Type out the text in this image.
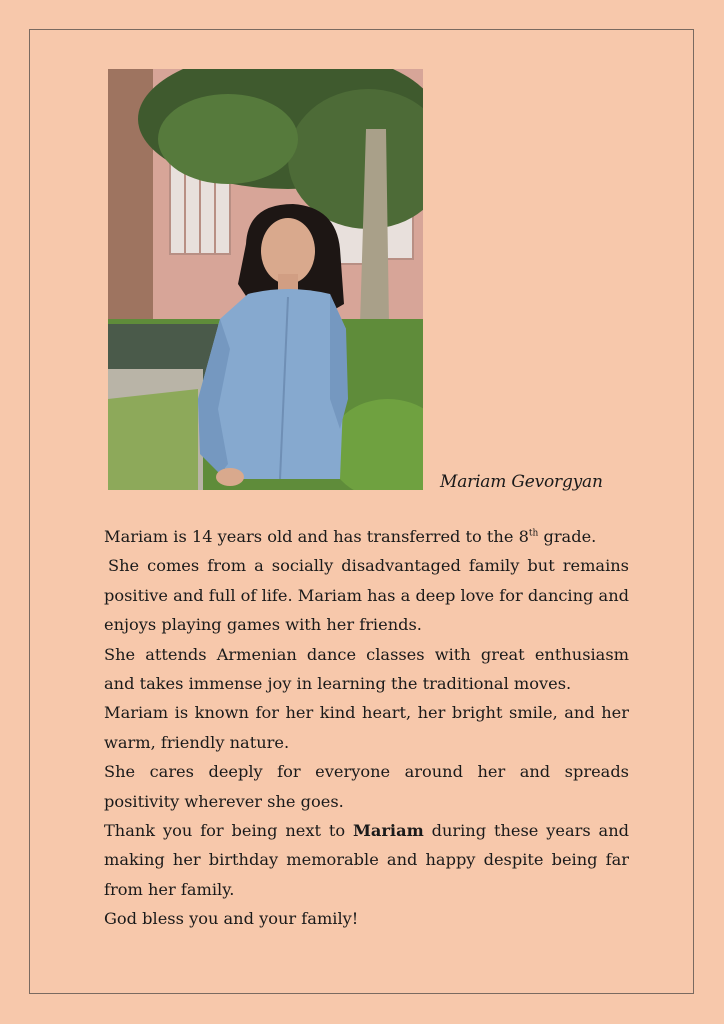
Mariam Gevorgyan

Mariam is 14 years old and has transferred to the 8th grade.

She comes from a socially disadvantaged family but remains positive and full of life. Mariam has a deep love for dancing and enjoys playing games with her friends.

She attends Armenian dance classes with great enthusiasm and takes immense joy in learning the traditional moves.

Mariam is known for her kind heart, her bright smile, and her warm, friendly nature.

She cares deeply for everyone around her and spreads positivity wherever she goes.

Thank you for being next to Mariam during these years and making her birthday memorable and happy despite being far from her family.

God bless you and your family!
